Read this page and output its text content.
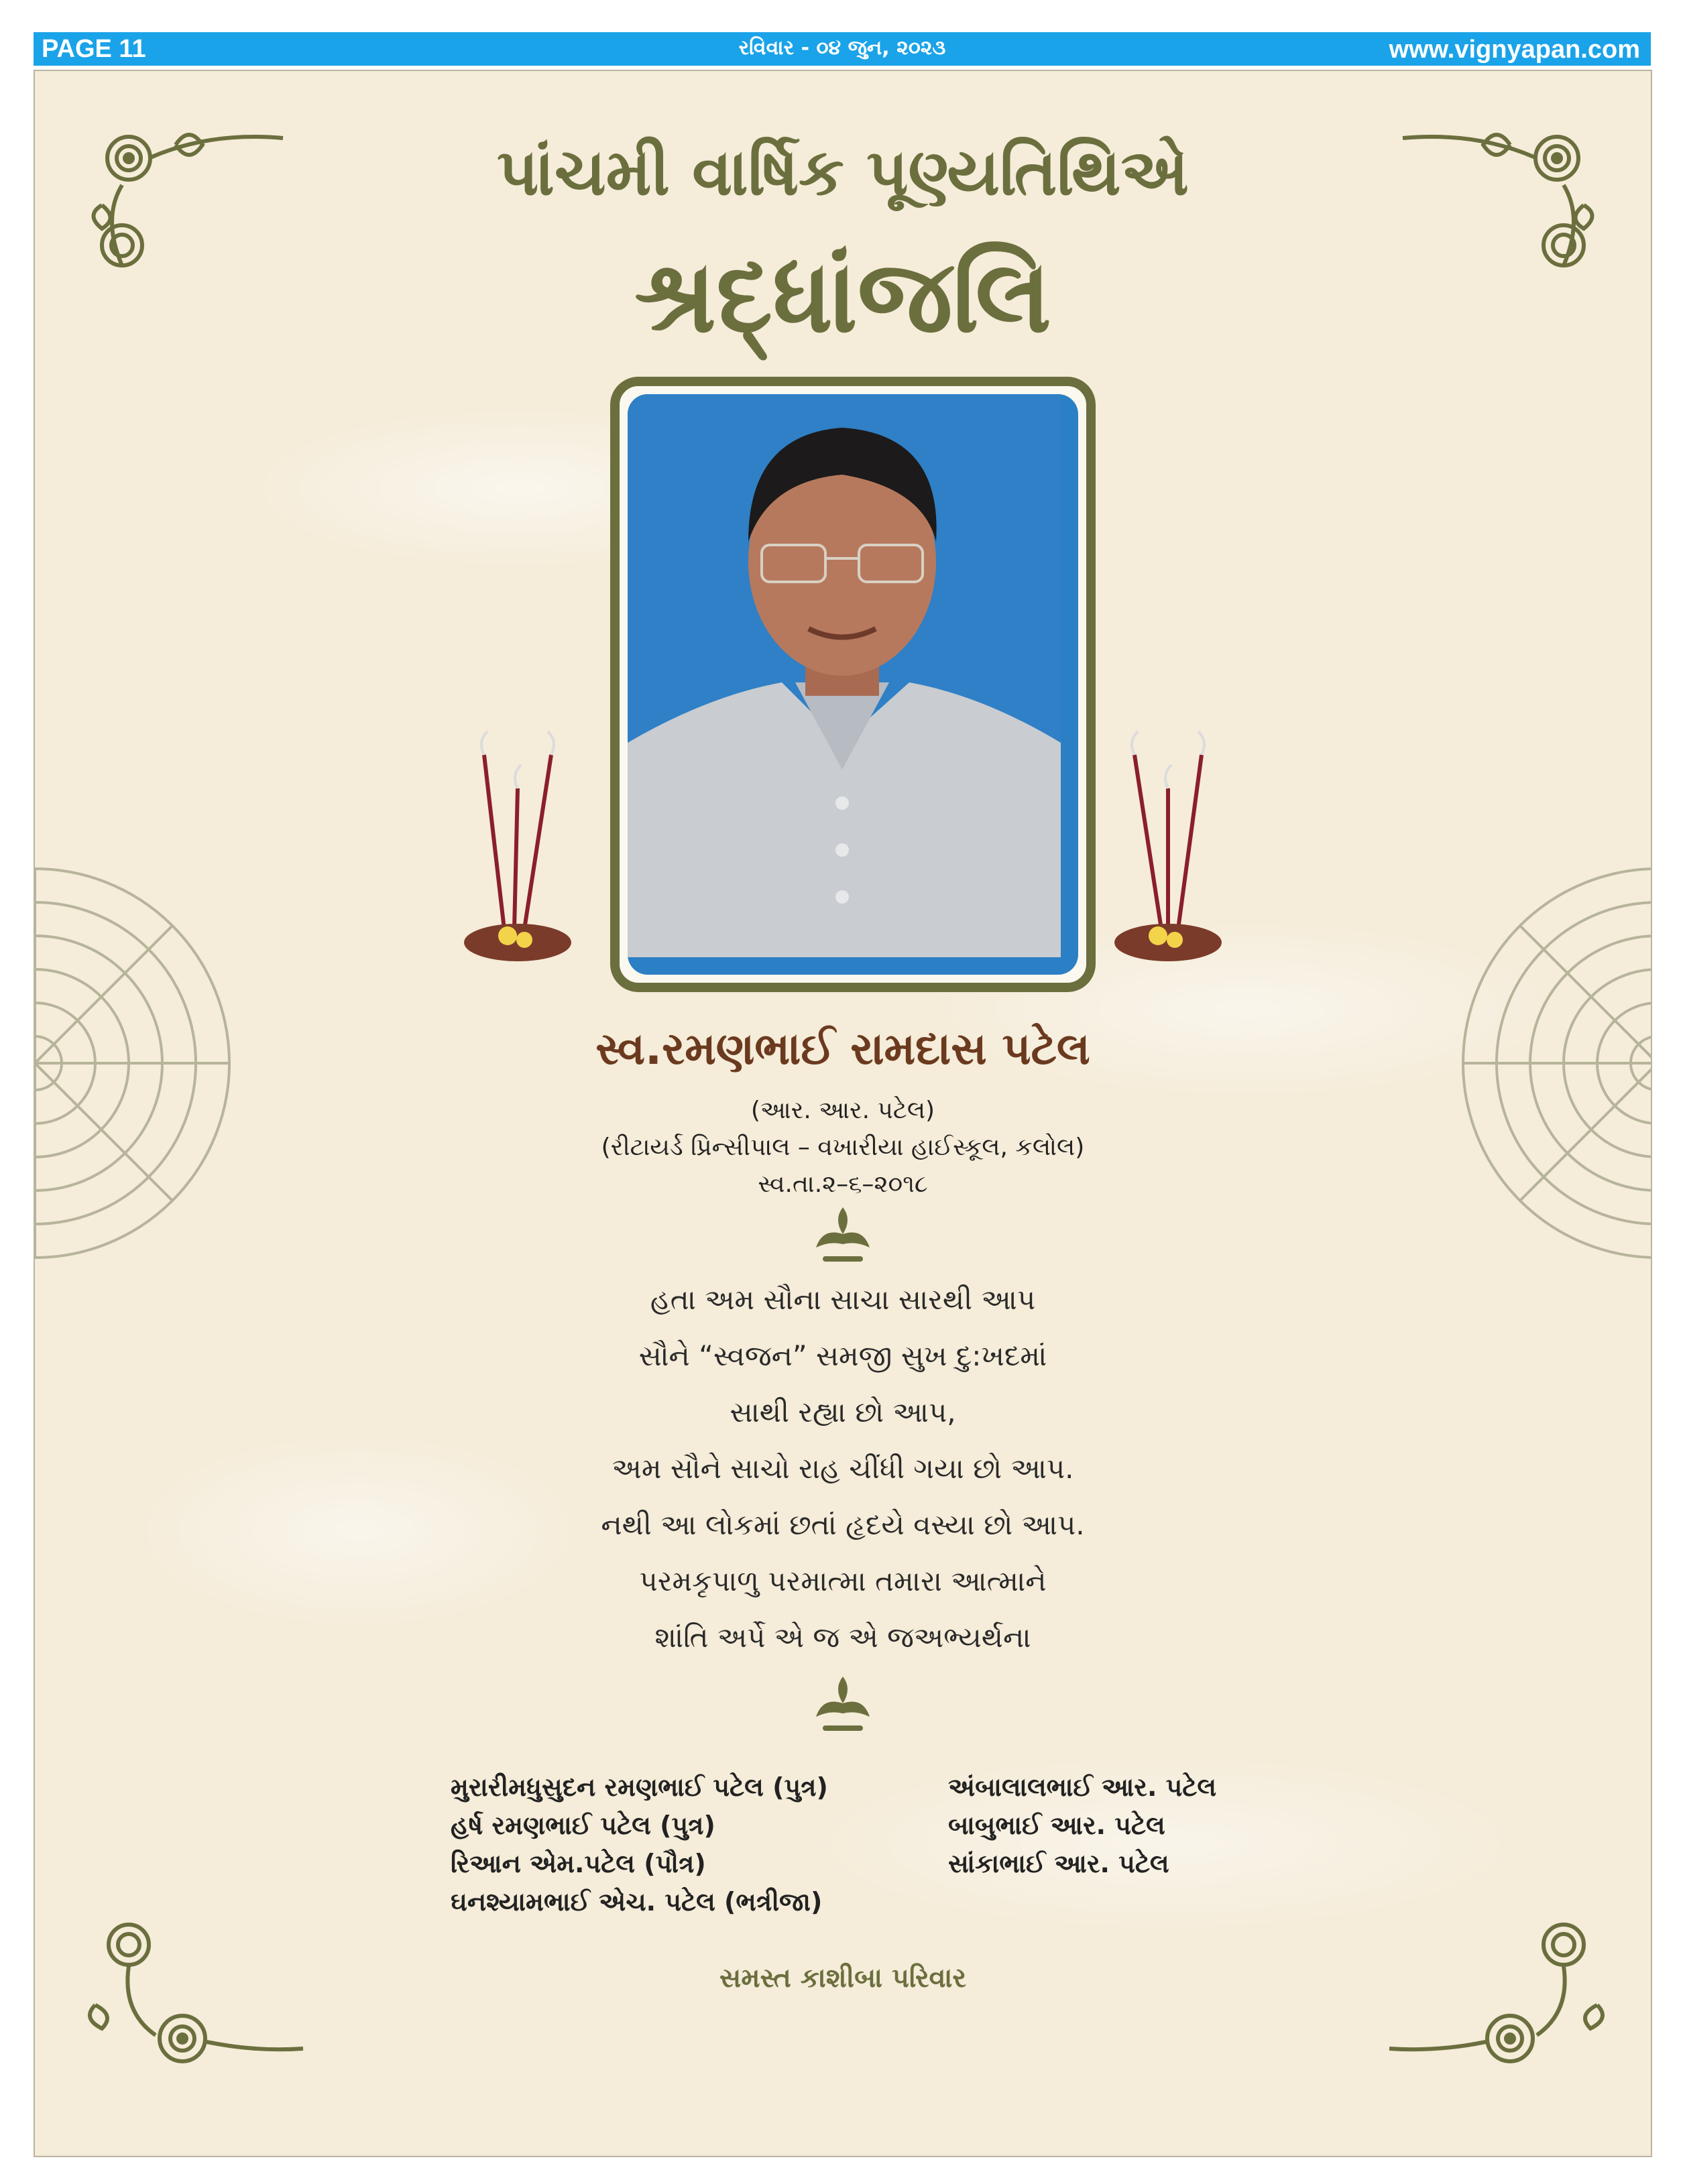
PAGE 11	રવિવાર - ૦૪ જુન, ૨૦૨૩	www.vignyapan.com
પાંચમી વાર્ષિક પૂણ્યતિથિએ
શ્રદ્ધાંજલિ
સ્વ.રમણભાઈ રામદાસ પટેલ
(આર. આર. પટેલ)
(રીટાયર્ડ પ્રિન્સીપાલ – વખારીયા હાઈસ્કૂલ, કલોલ)
સ્વ.તા.૨–૬–૨૦૧૮
હતા અમ સૌના સાચા સારથી આપ
સૌને “સ્વજન” સમજી સુખ દુ:ખદમાં
સાથી રહ્યા છો આપ,
અમ સૌને સાચો રાહ ચીંધી ગયા છો આપ.
નથી આ લોકમાં છતાં હૃદયે વસ્યા છો આપ.
પરમકૃપાળુ પરમાત્મા તમારા આત્માને
શાંતિ અર્પે એ જ એ જઅભ્યર્થના
મુરારીમધુસુદન રમણભાઈ પટેલ (પુત્ર)
હર્ષ રમણભાઈ પટેલ (પુત્ર)
રિઆન એમ.પટેલ (પૌત્ર)
ઘનશ્યામભાઈ એચ. પટેલ (ભત્રીજા)
અંબાલાલભાઈ આર. પટેલ
બાબુભાઈ આર. પટેલ
સાંકાભાઈ આર. પટેલ
સમસ્ત કાશીબા પરિવાર
